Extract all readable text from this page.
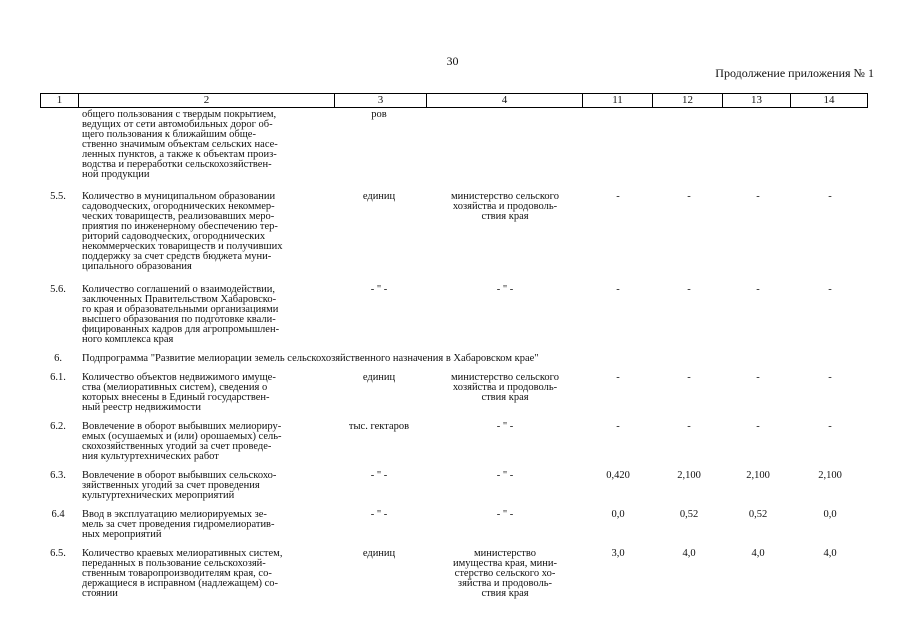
30
Продолжение приложения № 1
1	2	3	4	11	12	13	14
общего пользования с твердым покрытием,
ведущих от сети автомобильных дорог об-
щего пользования к ближайшим обще-
ственно значимым объектам сельских насе-
ленных пунктов, а также к объектам произ-
водства и переработки сельскохозяйствен-
ной продукции
ров
5.5.	Количество в муниципальном образовании
садоводческих, огороднических некоммер-
ческих товариществ, реализовавших меро-
приятия по инженерному обеспечению тер-
риторий садоводческих, огороднических
некоммерческих товариществ и получивших
поддержку за счет средств бюджета муни-
ципального образования
единиц	министерство сельского
хозяйства и продоволь-
ствия края
-	-	-	-
5.6.	Количество соглашений о взаимодействии,
заключенных Правительством Хабаровско-
го края и образовательными организациями
высшего образования по подготовке квали-
фицированных кадров для агропромышлен-
ного комплекса края
- " -	- " -	-	-	-	-
6.	Подпрограмма "Развитие мелиорации земель сельскохозяйственного назначения в Хабаровском крае"
6.1.	Количество объектов недвижимого имуще-
ства (мелиоративных систем), сведения о
которых внесены в Единый государствен-
ный реестр недвижимости
единиц	министерство сельского
хозяйства и продоволь-
ствия края
-	-	-	-
6.2.	Вовлечение в оборот выбывших мелиориру-
емых (осушаемых и (или) орошаемых) сель-
скохозяйственных угодий за счет проведе-
ния культуртехнических работ
тыс. гектаров	- " -	-	-	-	-
6.3.	Вовлечение в оборот выбывших сельскохо-
зяйственных угодий за счет проведения
культуртехнических мероприятий
- " -	- " -	0,420	2,100	2,100	2,100
6.4	Ввод в эксплуатацию мелиорируемых зе-
мель за счет проведения гидромелиоратив-
ных мероприятий
- " -	- " -	0,0	0,52	0,52	0,0
6.5.	Количество краевых мелиоративных систем,
переданных в пользование сельскохозяй-
ственным товаропроизводителям края, со-
держащиеся в исправном (надлежащем) со-
стоянии
единиц	министерство
имущества края, мини-
стерство сельского хо-
зяйства и продоволь-
ствия края
3,0	4,0	4,0	4,0
